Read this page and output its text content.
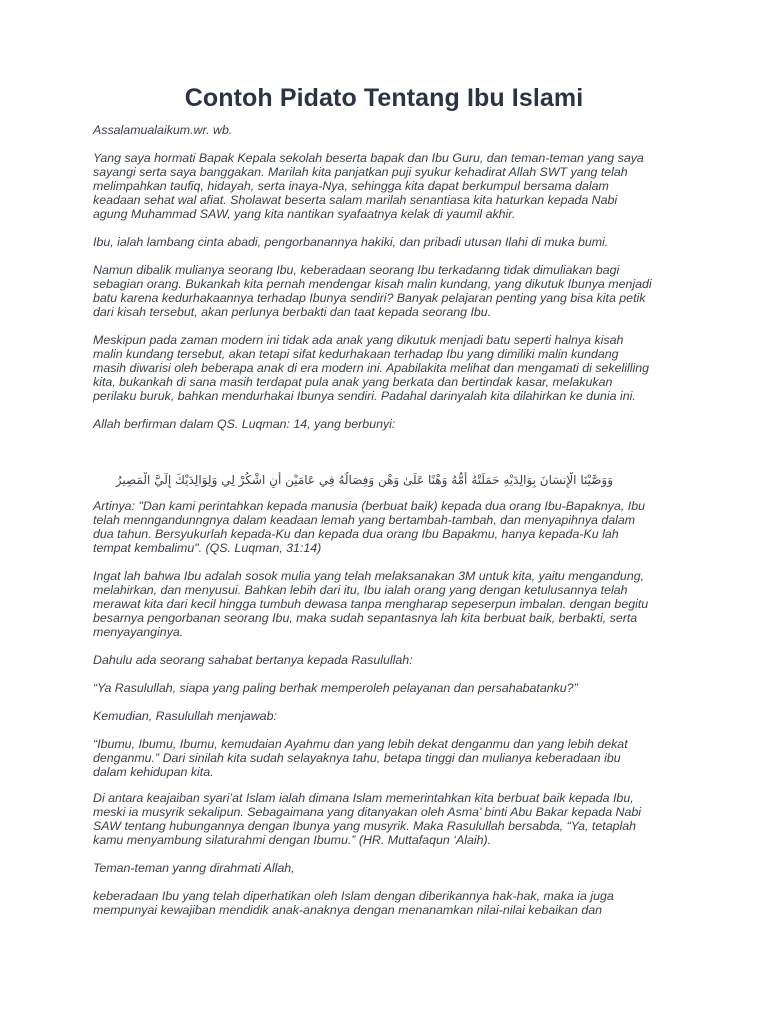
Contoh Pidato Tentang Ibu Islami
Assalamualaikum.wr. wb.
Yang saya hormati Bapak Kepala sekolah beserta bapak dan Ibu Guru, dan teman-teman yang saya
sayangi serta saya banggakan. Marilah kita panjatkan puji syukur kehadirat Allah SWT yang telah
melimpahkan taufiq, hidayah, serta inaya-Nya, sehingga kita dapat berkumpul bersama dalam
keadaan sehat wal afiat. Sholawat beserta salam marilah senantiasa kita haturkan kepada Nabi
agung Muhammad SAW, yang kita nantikan syafaatnya kelak di yaumil akhir.
Ibu, ialah lambang cinta abadi, pengorbanannya hakiki, dan pribadi utusan Ilahi di muka bumi.
Namun dibalik mulianya seorang Ibu, keberadaan seorang Ibu terkadanng tidak dimuliakan bagi
sebagian orang. Bukankah kita pernah mendengar kisah malin kundang, yang dikutuk Ibunya menjadi
batu karena kedurhakaannya terhadap Ibunya sendiri? Banyak pelajaran penting yang bisa kita petik
dari kisah tersebut, akan perlunya berbakti dan taat kepada seorang Ibu.
Meskipun pada zaman modern ini tidak ada anak yang dikutuk menjadi batu seperti halnya kisah
malin kundang tersebut, akan tetapi sifat kedurhakaan terhadap Ibu yang dimiliki malin kundang
masih diwarisi oleh beberapa anak di era modern ini. Apabilakita melihat dan mengamati di sekelilling
kita, bukankah di sana masih terdapat pula anak yang berkata dan bertindak kasar, melakukan
perilaku buruk, bahkan mendurhakai Ibunya sendiri. Padahal darinyalah kita dilahirkan ke dunia ini.
Allah berfirman dalam QS. Luqman: 14, yang berbunyi:
وَوَصَّيْنَا الْإِنسَانَ بِوَالِدَيْهِ حَمَلَتْهُ أُمُّهُ وَهْنًا عَلَىٰ وَهْنٍ وَفِصَالُهُ فِي عَامَيْنِ أَنِ اشْكُرْ لِي وَلِوَالِدَيْكَ إِلَيَّ الْمَصِيرُ
Artinya: "Dan kami perintahkan kepada manusia (berbuat baik) kepada dua orang Ibu-Bapaknya, Ibu
telah menngandunngnya dalam keadaan lemah yang bertambah-tambah, dan menyapihnya dalam
dua tahun. Bersyukurlah kepada-Ku dan kepada dua orang Ibu Bapakmu, hanya kepada-Ku lah
tempat kembalimu". (QS. Luqman, 31:14)
Ingat lah bahwa Ibu adalah sosok mulia yang telah melaksanakan 3M untuk kita, yaitu mengandung,
melahirkan, dan menyusui. Bahkan lebih dari itu, Ibu ialah orang yang dengan ketulusannya telah
merawat kita dari kecil hingga tumbuh dewasa tanpa mengharap sepeserpun imbalan. dengan begitu
besarnya pengorbanan seorang Ibu, maka sudah sepantasnya lah kita berbuat baik, berbakti, serta
menyayanginya.
Dahulu ada seorang sahabat bertanya kepada Rasulullah:
“Ya Rasulullah, siapa yang paling berhak memperoleh pelayanan dan persahabatanku?”
Kemudian, Rasulullah menjawab:
“Ibumu, Ibumu, Ibumu, kemudaian Ayahmu dan yang lebih dekat denganmu dan yang lebih dekat
denganmu.” Dari sinilah kita sudah selayaknya tahu, betapa tinggi dan mulianya keberadaan ibu
dalam kehidupan kita.
Di antara keajaiban syari’at Islam ialah dimana Islam memerintahkan kita berbuat baik kepada Ibu,
meski ia musyrik sekalipun. Sebagaimana yang ditanyakan oleh Asma’ binti Abu Bakar kepada Nabi
SAW tentang hubungannya dengan Ibunya yang musyrik. Maka Rasulullah bersabda, “Ya, tetaplah
kamu menyambung silaturahmi dengan Ibumu.” (HR. Muttafaqun ‘Alaih).
Teman-teman yanng dirahmati Allah,
keberadaan Ibu yang telah diperhatikan oleh Islam dengan diberikannya hak-hak, maka ia juga
mempunyai kewajiban mendidik anak-anaknya dengan menanamkan nilai-nilai kebaikan dan
